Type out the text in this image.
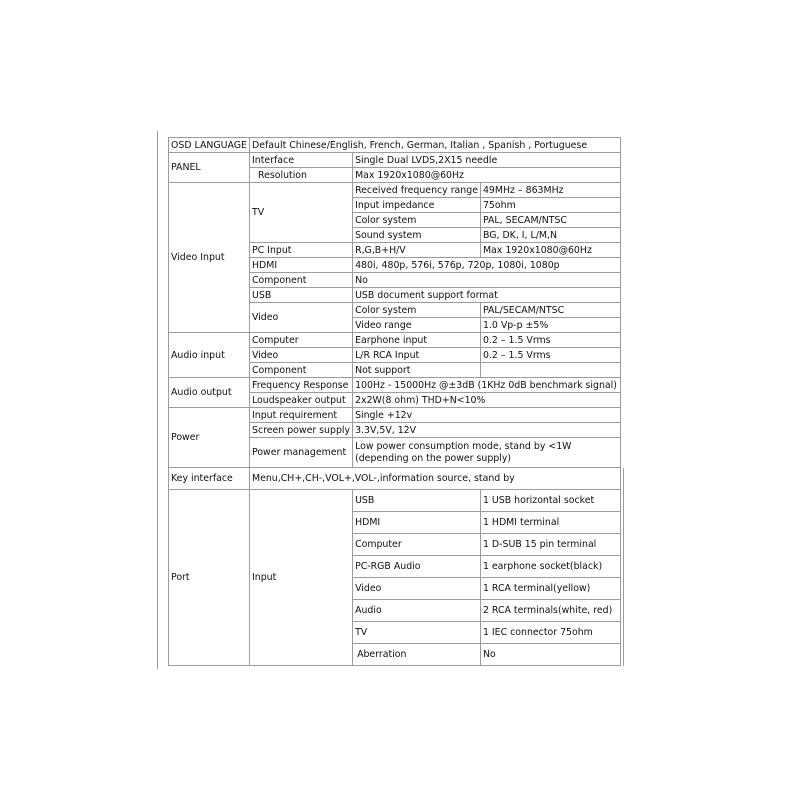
OSD LANGUAGE	Default Chinese/English, French, German, Italian , Spanish , Portuguese			
PANEL	Interface	Single Dual LVDS,2X15 needle		
	Resolution	Max 1920x1080@60Hz		
Video Input	TV	Received frequency range	49MHz – 863MHz	
		Input impedance	75ohm	
		Color system	PAL, SECAM/NTSC	
		Sound system	BG, DK, I, L/M,N	
	PC Input	R,G,B+H/V	Max 1920x1080@60Hz	
	HDMI	480i, 480p, 576i, 576p, 720p, 1080i, 1080p		
	Component	No		
	USB	USB document support format		
	Video	Color system	PAL/SECAM/NTSC	
		Video range	1.0 Vp-p ±5%	
Audio input	Computer	Earphone input	0.2 – 1.5 Vrms	
	Video	L/R RCA Input	0.2 – 1.5 Vrms	
	Component	Not support		
Audio output	Frequency Response	100Hz - 15000Hz @±3dB (1KHz 0dB benchmark signal)		
	Loudspeaker output	2x2W(8 ohm) THD+N<10%		
Power	Input requirement	Single +12v		
	Screen power supply	3.3V,5V, 12V		
	Power management	Low power consumption mode, stand by <1W (depending on the power supply)		
Key interface	Menu,CH+,CH-,VOL+,VOL-,information source, stand by			
Port	Input	USB	1 USB horizontal socket	
		HDMI	1 HDMI terminal	
		Computer	1 D-SUB 15 pin terminal	
		PC-RGB Audio	1 earphone socket(black)	
		Video	1 RCA terminal(yellow)	
		Audio	2 RCA terminals(white, red)	
		TV	1 IEC connector 75ohm	
		Aberration	No	
